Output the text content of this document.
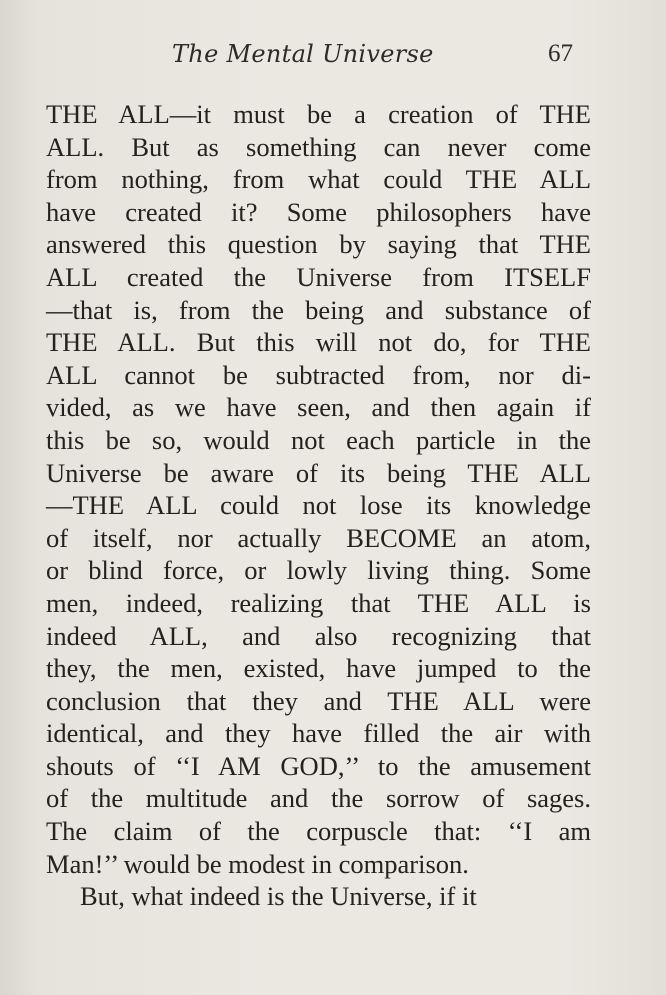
The Mental Universe	67
THE ALL—it must be a creation of THE
ALL. But as something can never come
from nothing, from what could THE ALL
have created it? Some philosophers have
answered this question by saying that THE
ALL created the Universe from ITSELF
—that is, from the being and substance of
THE ALL. But this will not do, for THE
ALL cannot be subtracted from, nor di-
vided, as we have seen, and then again if
this be so, would not each particle in the
Universe be aware of its being THE ALL
—THE ALL could not lose its knowledge
of itself, nor actually BECOME an atom,
or blind force, or lowly living thing. Some
men, indeed, realizing that THE ALL is
indeed ALL, and also recognizing that
they, the men, existed, have jumped to the
conclusion that they and THE ALL were
identical, and they have filled the air with
shouts of ‘‘I AM GOD,’’ to the amusement
of the multitude and the sorrow of sages.
The claim of the corpuscle that: ‘‘I am
Man!’’ would be modest in comparison.
But, what indeed is the Universe, if it
